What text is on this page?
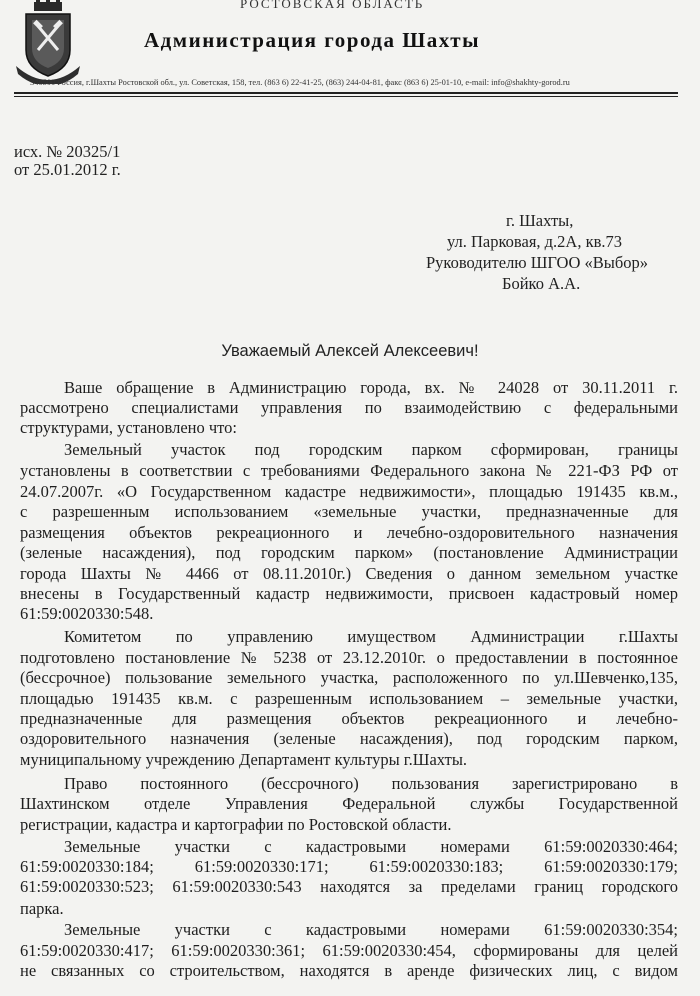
РОСТОВСКАЯ ОБЛАСТЬ
Администрация города Шахты
346500 Россия, г.Шахты Ростовской обл., ул. Советская, 158, тел. (863 6) 22-41-25, (863) 244-04-81, факс (863 6) 25-01-10, e-mail: info@shakhty-gorod.ru
исх. № 20325/1
от 25.01.2012 г.
г. Шахты,
ул. Парковая, д.2А, кв.73
Руководителю ШГОО «Выбор»
Бойко А.А.
Уважаемый Алексей Алексеевич!
Ваше обращение в Администрацию города, вх. № 24028 от 30.11.2011 г.
рассмотрено специалистами управления по взаимодействию с федеральными
структурами, установлено что:
Земельный участок под городским парком сформирован, границы
установлены в соответствии с требованиями Федерального закона № 221-ФЗ РФ от
24.07.2007г. «О Государственном кадастре недвижимости», площадью 191435 кв.м.,
с разрешенным использованием «земельные участки, предназначенные для
размещения объектов рекреационного и лечебно-оздоровительного назначения
(зеленые насаждения), под городским парком» (постановление Администрации
города Шахты № 4466 от 08.11.2010г.) Сведения о данном земельном участке
внесены в Государственный кадастр недвижимости, присвоен кадастровый номер
61:59:0020330:548.
Комитетом по управлению имуществом Администрации г.Шахты
подготовлено постановление № 5238 от 23.12.2010г. о предоставлении в постоянное
(бессрочное) пользование земельного участка, расположенного по ул.Шевченко,135,
площадью 191435 кв.м. с разрешенным использованием – земельные участки,
предназначенные для размещения объектов рекреационного и лечебно-
оздоровительного назначения (зеленые насаждения), под городским парком,
муниципальному учреждению Департамент культуры г.Шахты.
Право постоянного (бессрочного) пользования зарегистрировано в
Шахтинском отделе Управления Федеральной службы Государственной
регистрации, кадастра и картографии по Ростовской области.
Земельные участки с кадастровыми номерами 61:59:0020330:464;
61:59:0020330:184; 61:59:0020330:171; 61:59:0020330:183; 61:59:0020330:179;
61:59:0020330:523; 61:59:0020330:543 находятся за пределами границ городского
парка.
Земельные участки с кадастровыми номерами 61:59:0020330:354;
61:59:0020330:417; 61:59:0020330:361; 61:59:0020330:454, сформированы для целей
не связанных со строительством, находятся в аренде физических лиц, с видом
